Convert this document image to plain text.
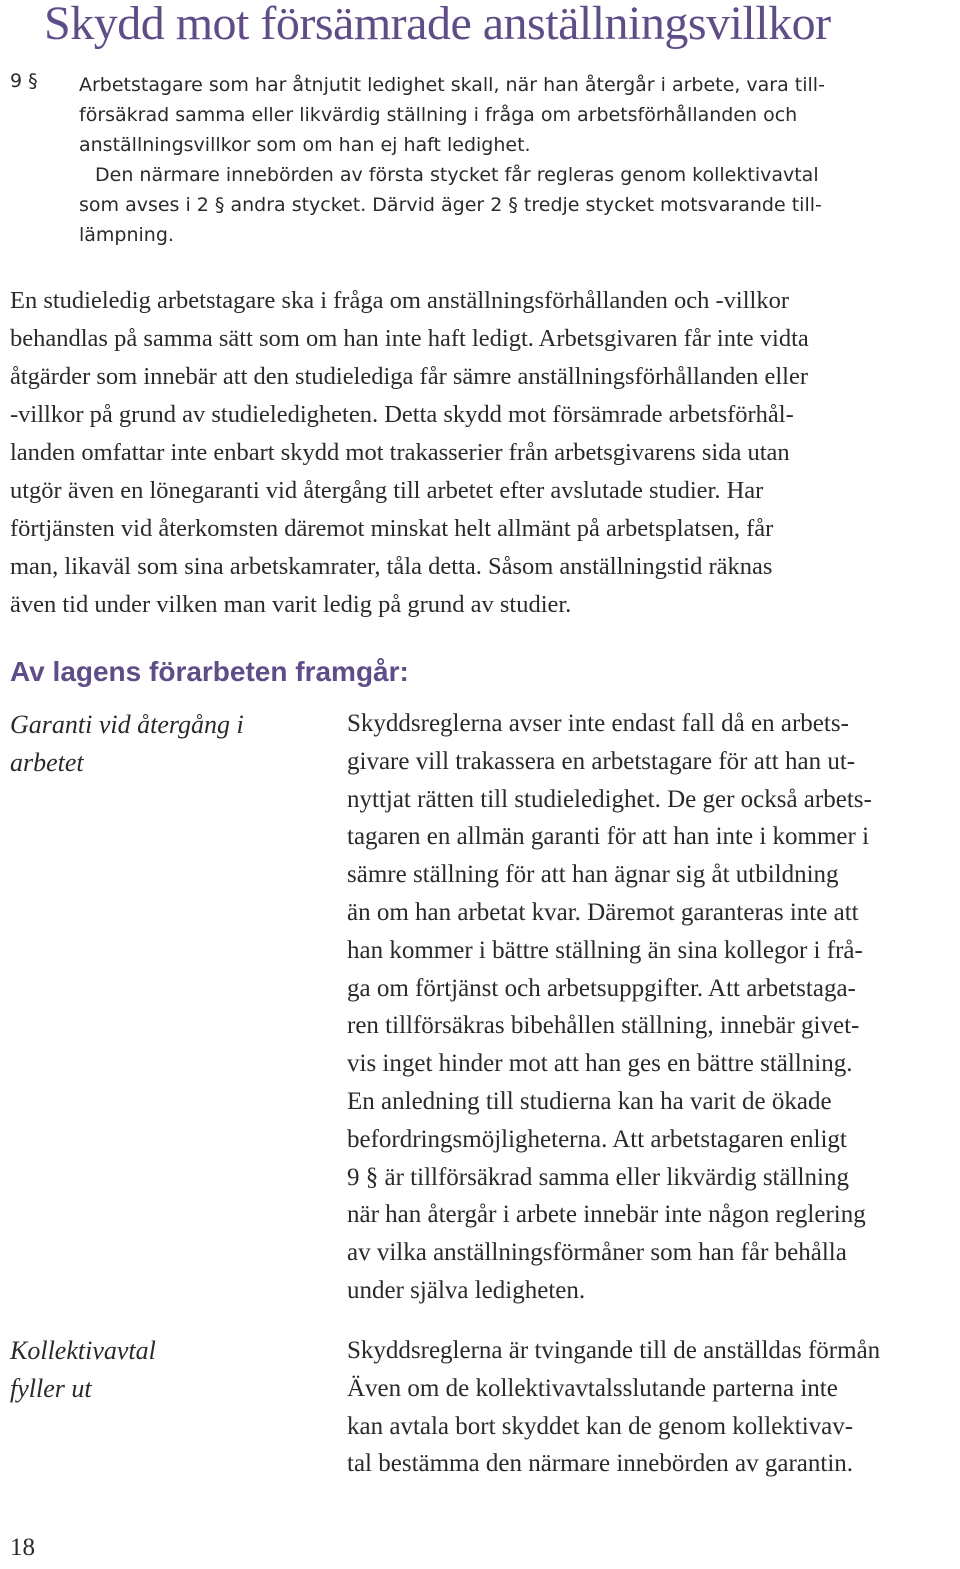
Skydd mot försämrade anställningsvillkor
9 § Arbetstagare som har åtnjutit ledighet skall, när han återgår i arbete, vara till-
försäkrad samma eller likvärdig ställning i fråga om arbetsförhållanden och
anställningsvillkor som om han ej haft ledighet.
Den närmare innebörden av första stycket får regleras genom kollektivavtal
som avses i 2 § andra stycket. Därvid äger 2 § tredje stycket motsvarande till-
lämpning.
En studieledig arbetstagare ska i fråga om anställningsförhållanden och -villkor
behandlas på samma sätt som om han inte haft ledigt. Arbetsgivaren får inte vidta
åtgärder som innebär att den studielediga får sämre anställningsförhållanden eller
-villkor på grund av studieledigheten. Detta skydd mot försämrade arbetsförhål-
landen omfattar inte enbart skydd mot trakasserier från arbetsgivarens sida utan
utgör även en lönegaranti vid återgång till arbetet efter avslutade studier. Har
förtjänsten vid återkomsten däremot minskat helt allmänt på arbetsplatsen, får
man, likaväl som sina arbetskamrater, tåla detta. Såsom anställningstid räknas
även tid under vilken man varit ledig på grund av studier.
Av lagens förarbeten framgår:
Garanti vid återgång i
arbetet
Skyddsreglerna avser inte endast fall då en arbets-
givare vill trakassera en arbetstagare för att han ut-
nyttjat rätten till studieledighet. De ger också arbets-
tagaren en allmän garanti för att han inte i kommer i
sämre ställning för att han ägnar sig åt utbildning
än om han arbetat kvar. Däremot garanteras inte att
han kommer i bättre ställning än sina kollegor i frå-
ga om förtjänst och arbetsuppgifter. Att arbetstaga-
ren tillförsäkras bibehållen ställning, innebär givet-
vis inget hinder mot att han ges en bättre ställning.
En anledning till studierna kan ha varit de ökade
befordringsmöjligheterna. Att arbetstagaren enligt
9 § är tillförsäkrad samma eller likvärdig ställning
när han återgår i arbete innebär inte någon reglering
av vilka anställningsförmåner som han får behålla
under själva ledigheten.
Kollektivavtal
fyller ut
Skyddsreglerna är tvingande till de anställdas förmån
Även om de kollektivavtalsslutande parterna inte
kan avtala bort skyddet kan de genom kollektivav-
tal bestämma den närmare innebörden av garantin.
18
